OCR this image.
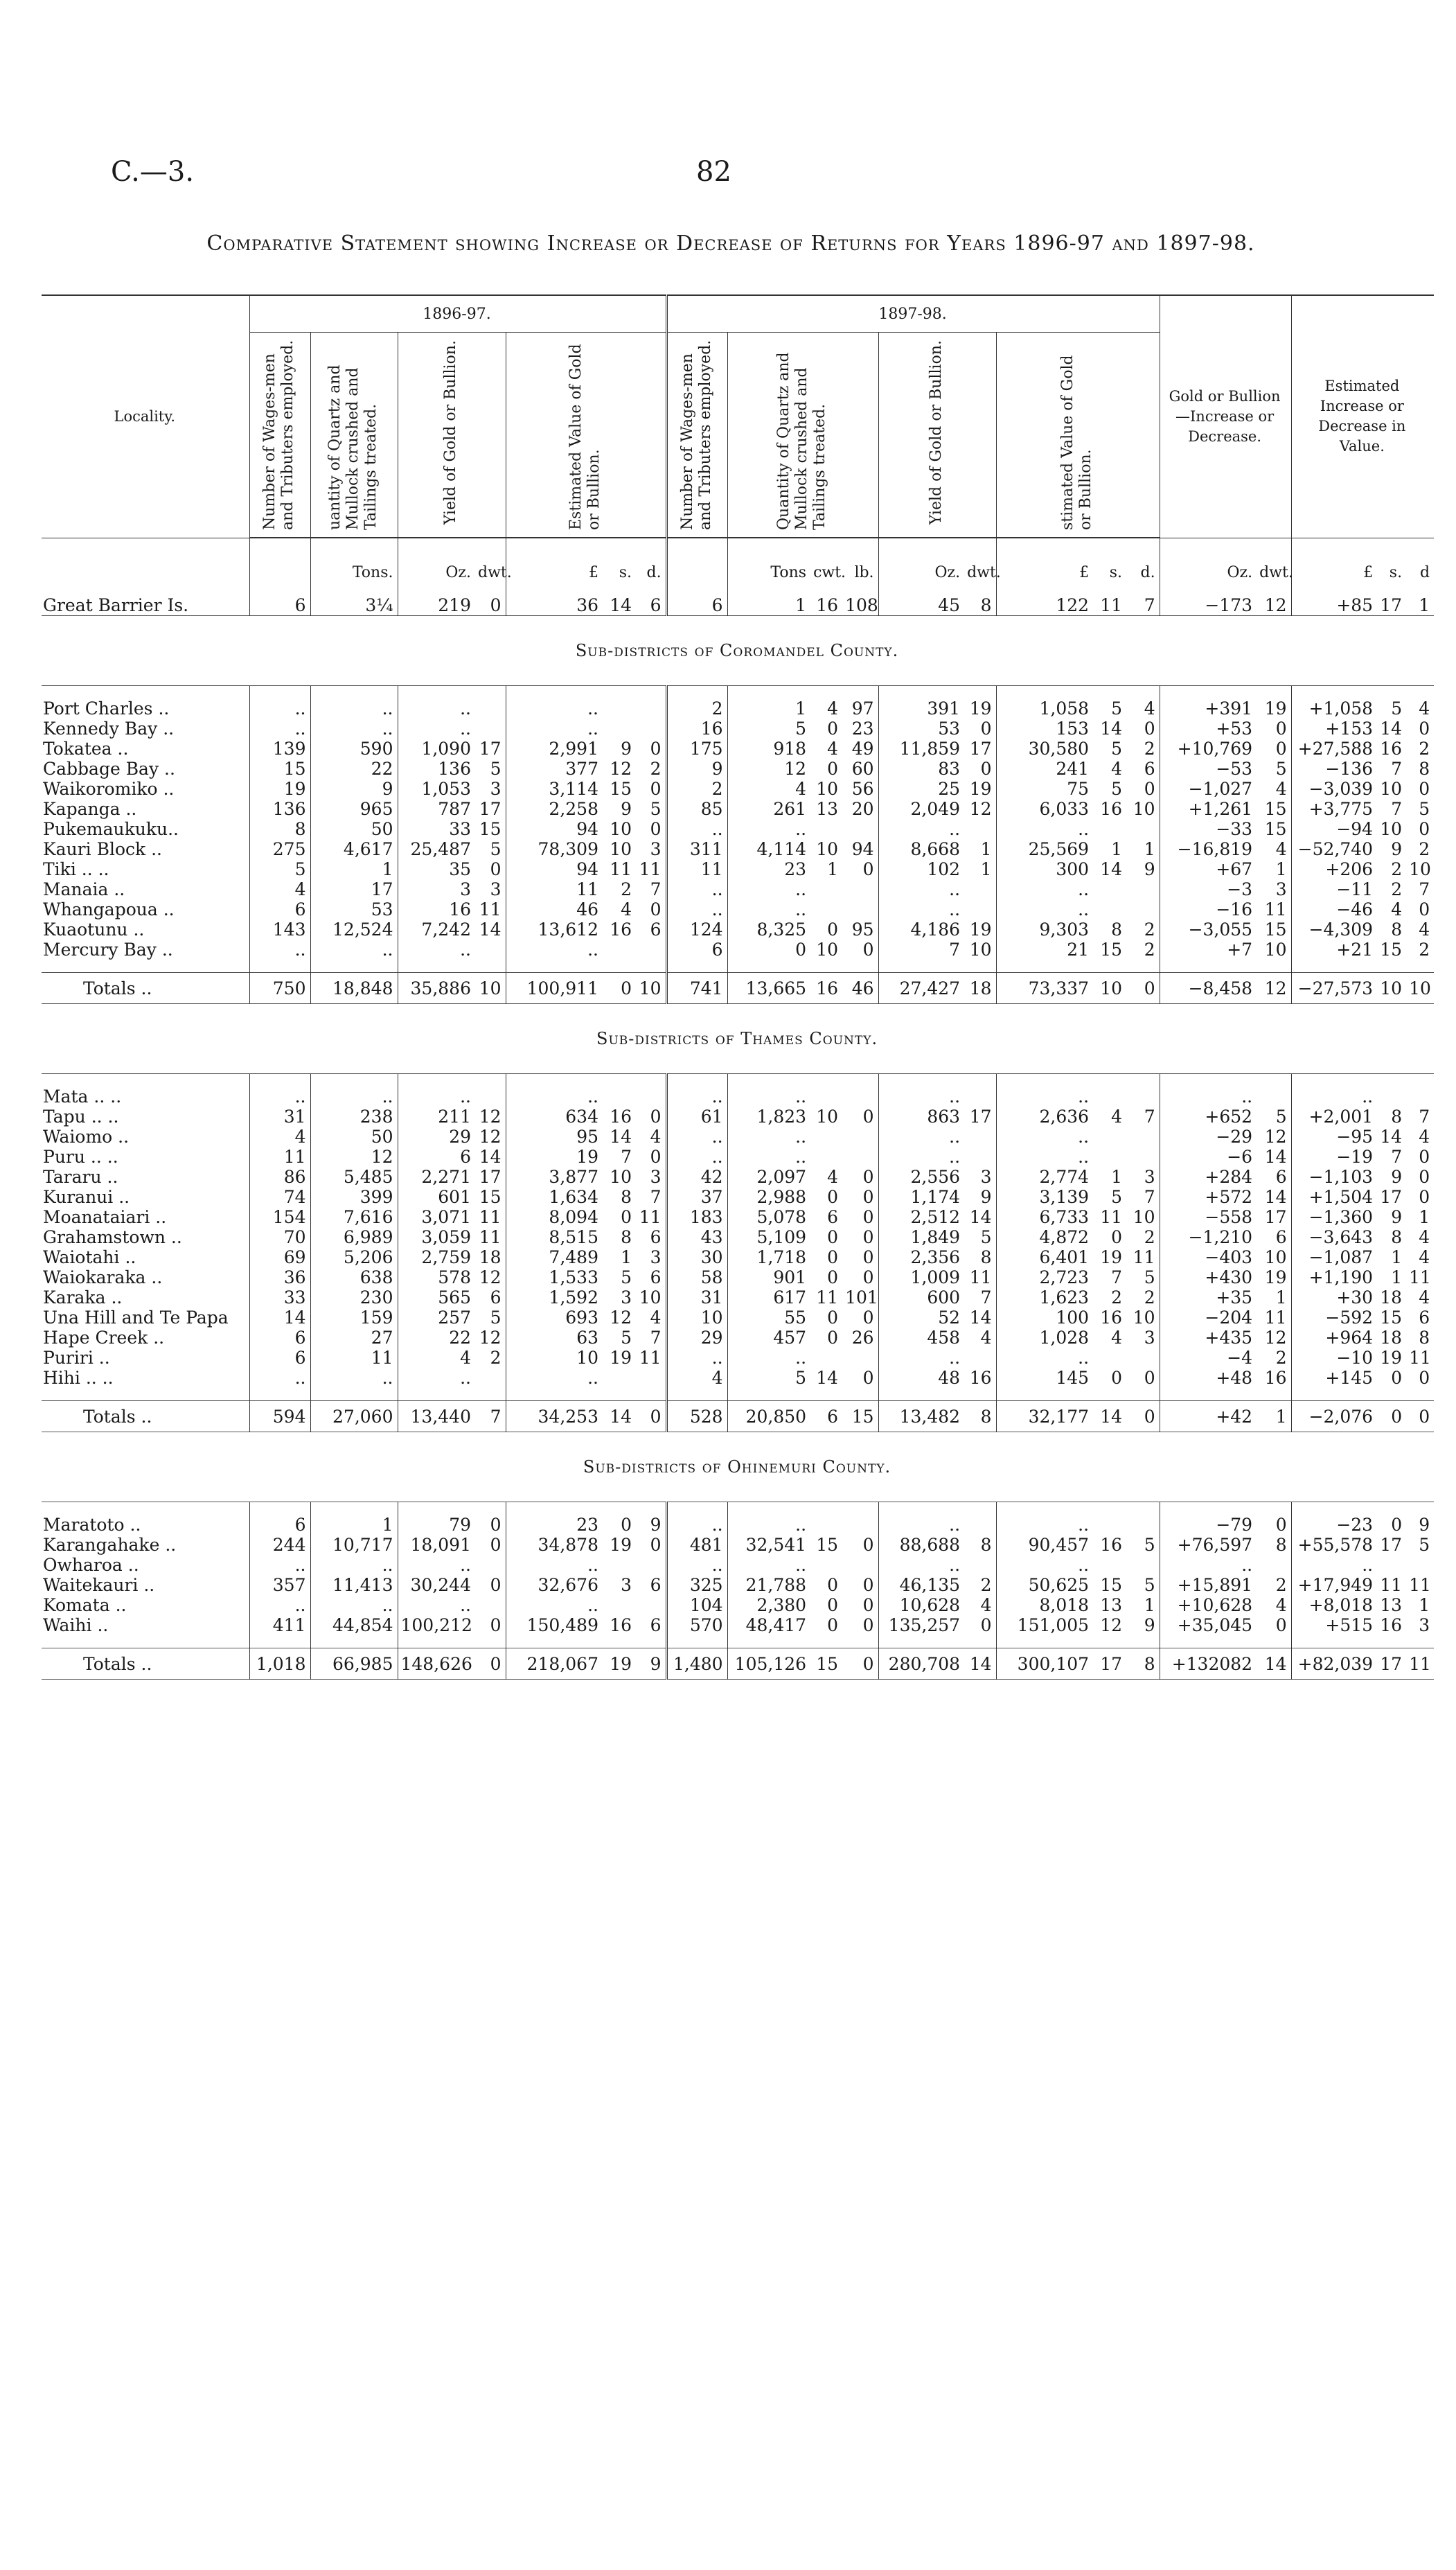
C.—3.	82
Comparative Statement showing Increase or Decrease of Returns for Years 1896-97 and 1897-98.
Locality.	1896-97.							1897-98.									Gold or Bullion—Increase or Decrease.		Estimated Increase or Decrease in Value.		
	Number of Wages-men and Tributers employed.	uantity of Quartz and Mullock crushed and Tailings treated.	Yield of Gold or Bullion.		Estimated Value of Gold or Bullion.			Number of Wages-men and Tributers employed.	Quantity of Quartz and Mullock crushed and Tailings treated.			Yield of Gold or Bullion.		stimated Value of Gold or Bullion.							
		Tons.	Oz.	dwt.	£	s.	d.		Tons	cwt.	lb.	Oz.	dwt.	£	s.	d.	Oz.	dwt.	£	s.	d

Great Barrier Is.	6	3¼	219	0	36	14	6	6	1	16	108	45	8	122	11	7	−173	12	+85	17	1
Sub-districts of Coromandel County.																					

Port Charles ..	..	..	..		..			2	1	4	97	391	19	1,058	5	4	+391	19	+1,058	5	4
Kennedy Bay ..	..	..	..		..			16	5	0	23	53	0	153	14	0	+53	0	+153	14	0
Tokatea ..	139	590	1,090	17	2,991	9	0	175	918	4	49	11,859	17	30,580	5	2	+10,769	0	+27,588	16	2
Cabbage Bay ..	15	22	136	5	377	12	2	9	12	0	60	83	0	241	4	6	−53	5	−136	7	8
Waikoromiko ..	19	9	1,053	3	3,114	15	0	2	4	10	56	25	19	75	5	0	−1,027	4	−3,039	10	0
Kapanga ..	136	965	787	17	2,258	9	5	85	261	13	20	2,049	12	6,033	16	10	+1,261	15	+3,775	7	5
Pukemaukuku..	8	50	33	15	94	10	0	..	..			..		..			−33	15	−94	10	0
Kauri Block ..	275	4,617	25,487	5	78,309	10	3	311	4,114	10	94	8,668	1	25,569	1	1	−16,819	4	−52,740	9	2
Tiki .. ..	5	1	35	0	94	11	11	11	23	1	0	102	1	300	14	9	+67	1	+206	2	10
Manaia ..	4	17	3	3	11	2	7	..	..			..		..			−3	3	−11	2	7
Whangapoua ..	6	53	16	11	46	4	0	..	..			..		..			−16	11	−46	4	0
Kuaotunu ..	143	12,524	7,242	14	13,612	16	6	124	8,325	0	95	4,186	19	9,303	8	2	−3,055	15	−4,309	8	4
Mercury Bay ..	..	..	..		..			6	0	10	0	7	10	21	15	2	+7	10	+21	15	2

Totals ..	750	18,848	35,886	10	100,911	0	10	741	13,665	16	46	27,427	18	73,337	10	0	−8,458	12	−27,573	10	10
Sub-districts of Thames County.																					

Mata .. ..	..	..	..		..			..	..			..		..			..		..		
Tapu .. ..	31	238	211	12	634	16	0	61	1,823	10	0	863	17	2,636	4	7	+652	5	+2,001	8	7
Waiomo ..	4	50	29	12	95	14	4	..	..			..		..			−29	12	−95	14	4
Puru .. ..	11	12	6	14	19	7	0	..	..			..		..			−6	14	−19	7	0
Tararu ..	86	5,485	2,271	17	3,877	10	3	42	2,097	4	0	2,556	3	2,774	1	3	+284	6	−1,103	9	0
Kuranui ..	74	399	601	15	1,634	8	7	37	2,988	0	0	1,174	9	3,139	5	7	+572	14	+1,504	17	0
Moanataiari ..	154	7,616	3,071	11	8,094	0	11	183	5,078	6	0	2,512	14	6,733	11	10	−558	17	−1,360	9	1
Grahamstown ..	70	6,989	3,059	11	8,515	8	6	43	5,109	0	0	1,849	5	4,872	0	2	−1,210	6	−3,643	8	4
Waiotahi ..	69	5,206	2,759	18	7,489	1	3	30	1,718	0	0	2,356	8	6,401	19	11	−403	10	−1,087	1	4
Waiokaraka ..	36	638	578	12	1,533	5	6	58	901	0	0	1,009	11	2,723	7	5	+430	19	+1,190	1	11
Karaka ..	33	230	565	6	1,592	3	10	31	617	11	101	600	7	1,623	2	2	+35	1	+30	18	4
Una Hill and Te Papa	14	159	257	5	693	12	4	10	55	0	0	52	14	100	16	10	−204	11	−592	15	6
Hape Creek ..	6	27	22	12	63	5	7	29	457	0	26	458	4	1,028	4	3	+435	12	+964	18	8
Puriri ..	6	11	4	2	10	19	11	..	..			..		..			−4	2	−10	19	11
Hihi .. ..	..	..	..		..			4	5	14	0	48	16	145	0	0	+48	16	+145	0	0

Totals ..	594	27,060	13,440	7	34,253	14	0	528	20,850	6	15	13,482	8	32,177	14	0	+42	1	−2,076	0	0
Sub-districts of Ohinemuri County.																					

Maratoto ..	6	1	79	0	23	0	9	..	..			..		..			−79	0	−23	0	9
Karangahake ..	244	10,717	18,091	0	34,878	19	0	481	32,541	15	0	88,688	8	90,457	16	5	+76,597	8	+55,578	17	5
Owharoa ..	..	..	..		..			..	..			..		..			..		..		
Waitekauri ..	357	11,413	30,244	0	32,676	3	6	325	21,788	0	0	46,135	2	50,625	15	5	+15,891	2	+17,949	11	11
Komata ..	..	..	..		..			104	2,380	0	0	10,628	4	8,018	13	1	+10,628	4	+8,018	13	1
Waihi ..	411	44,854	100,212	0	150,489	16	6	570	48,417	0	0	135,257	0	151,005	12	9	+35,045	0	+515	16	3

Totals ..	1,018	66,985	148,626	0	218,067	19	9	1,480	105,126	15	0	280,708	14	300,107	17	8	+132082	14	+82,039	17	11
